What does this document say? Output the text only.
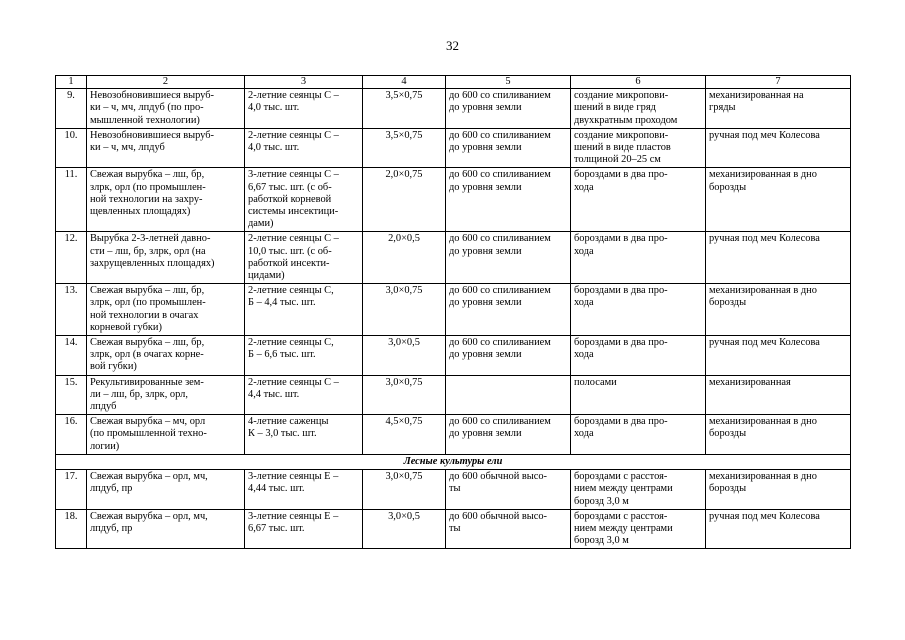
32
1	2	3	4	5	6	7
9.	Невозобновившиеся выруб-
ки – ч, мч, лпдуб (по про-
мышленной технологии)	2-летние сеянцы С –
4,0 тыс. шт.	3,5×0,75	до 600 со спиливанием
до уровня земли	создание микропови-
шений в виде гряд
двухкратным проходом	механизированная на
гряды
10.	Невозобновившиеся выруб-
ки – ч, мч, лпдуб	2-летние сеянцы С –
4,0 тыс. шт.	3,5×0,75	до 600 со спиливанием
до уровня земли	создание микропови-
шений в виде пластов
толщиной 20–25 см	ручная под меч Колесова
11.	Свежая вырубка – лш, бр,
злрк, орл (по промышлен-
ной технологии на захру-
щевленных площадях)	3-летние сеянцы С –
6,67 тыс. шт. (с об-
работкой корневой
системы инсектици-
дами)	2,0×0,75	до 600 со спиливанием
до уровня земли	бороздами в два про-
хода	механизированная в дно
борозды
12.	Вырубка 2-3-летней давно-
сти – лш, бр, злрк, орл (на
захрущевленных площадях)	2-летние сеянцы С –
10,0 тыс. шт. (с об-
работкой инсекти-
цидами)	2,0×0,5	до 600 со спиливанием
до уровня земли	бороздами в два про-
хода	ручная под меч Колесова
13.	Свежая вырубка – лш, бр,
злрк, орл (по промышлен-
ной технологии в очагах
корневой губки)	2-летние сеянцы С,
Б – 4,4 тыс. шт.	3,0×0,75	до 600 со спиливанием
до уровня земли	бороздами в два про-
хода	механизированная в дно
борозды
14.	Свежая вырубка – лш, бр,
злрк, орл (в очагах корне-
вой губки)	2-летние сеянцы С,
Б – 6,6 тыс. шт.	3,0×0,5	до 600 со спиливанием
до уровня земли	бороздами в два про-
хода	ручная под меч Колесова
15.	Рекультивированные зем-
ли – лш, бр, злрк, орл,
лпдуб	2-летние сеянцы С –
4,4 тыс. шт.	3,0×0,75		полосами	механизированная
16.	Свежая вырубка – мч, орл
(по промышленной техно-
логии)	4-летние саженцы
К – 3,0 тыс. шт.	4,5×0,75	до 600 со спиливанием
до уровня земли	бороздами в два про-
хода	механизированная в дно
борозды
Лесные культуры ели						
17.	Свежая вырубка – орл, мч,
лпдуб, пр	3-летние сеянцы Е –
4,44 тыс. шт.	3,0×0,75	до 600 обычной высо-
ты	бороздами с расстоя-
нием между центрами
борозд 3,0 м	механизированная в дно
борозды
18.	Свежая вырубка – орл, мч,
лпдуб, пр	3-летние сеянцы Е –
6,67 тыс. шт.	3,0×0,5	до 600 обычной высо-
ты	бороздами с расстоя-
нием между центрами
борозд 3,0 м	ручная под меч Колесова
